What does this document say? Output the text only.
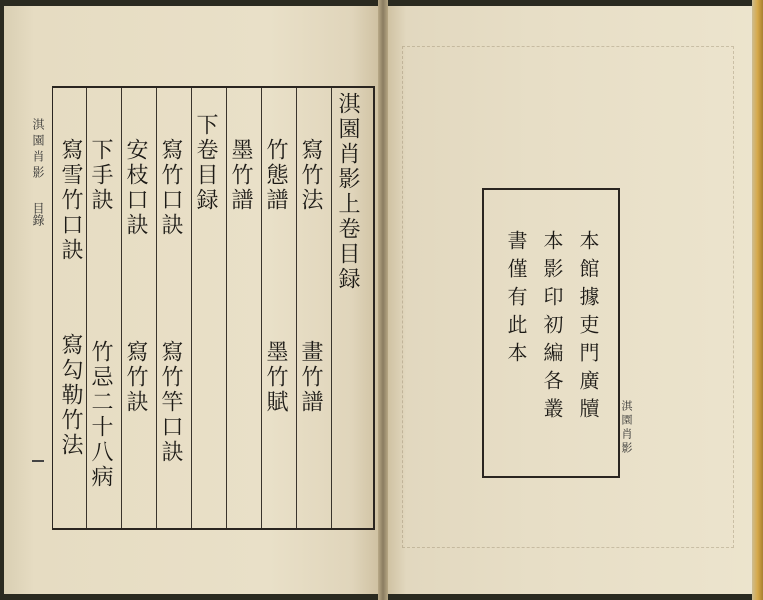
淇園肖影
目錄	淇園肖影上卷目録
寫竹法
畫竹譜
竹態譜
墨竹賦
墨竹譜
下卷目録
寫竹口訣
寫竹竿口訣
安枝口訣
寫竹訣
下手訣
竹忌二十八病
寫雪竹口訣
寫勾勒竹法	本館據吏門廣牘
本影印初編各叢
書僅有此本
淇園肖影
